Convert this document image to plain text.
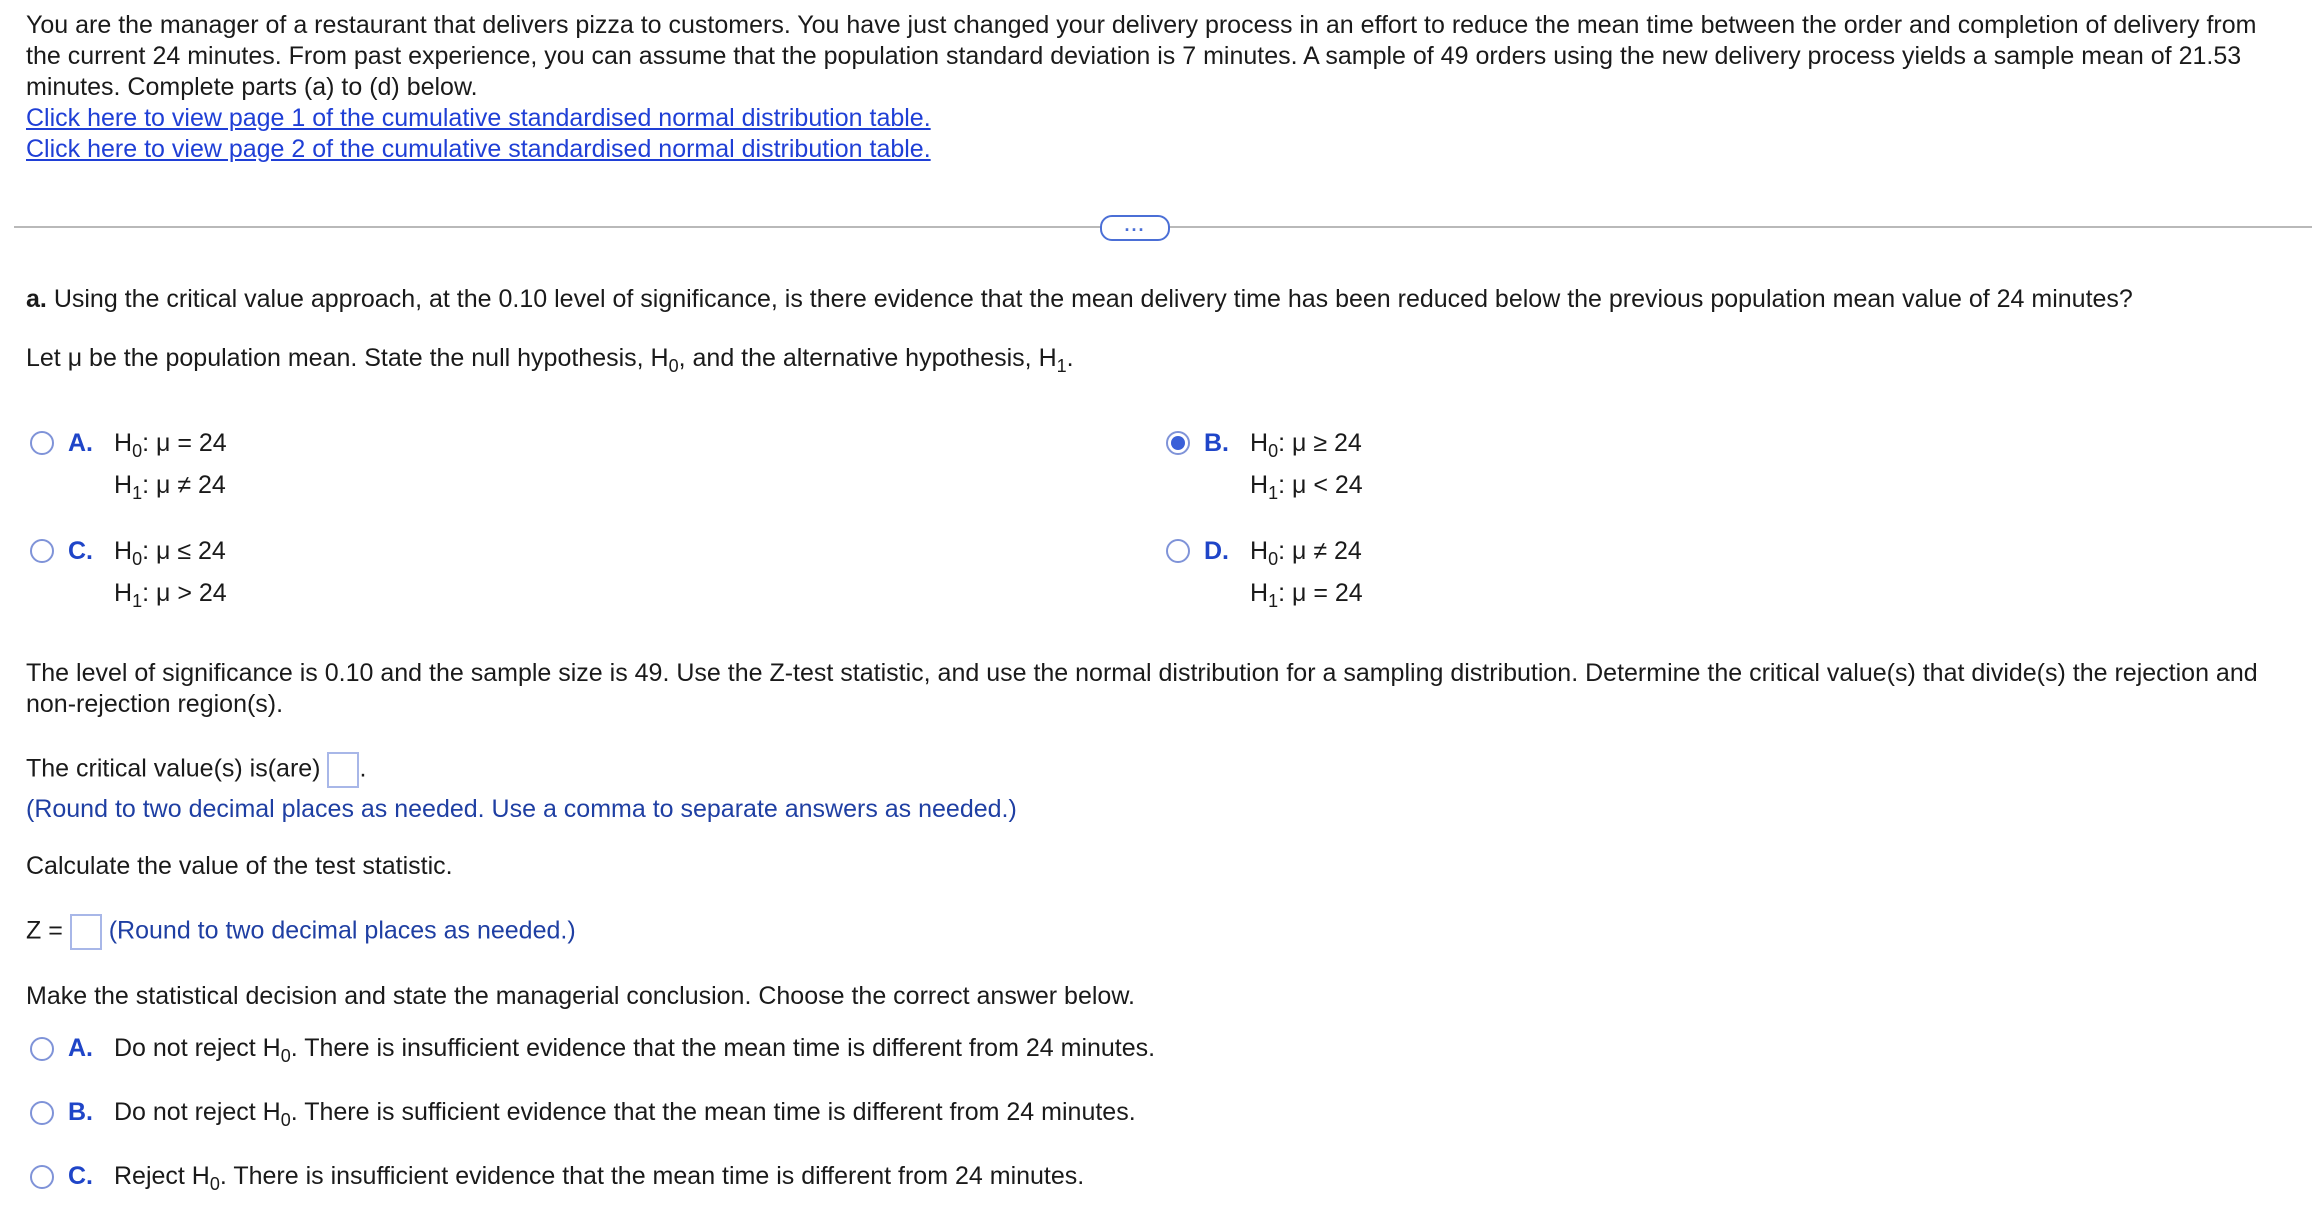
You are the manager of a restaurant that delivers pizza to customers. You have just changed your delivery process in an effort to reduce the mean time between the order and completion of delivery from the current 24 minutes. From past experience, you can assume that the population standard deviation is 7 minutes. A sample of 49 orders using the new delivery process yields a sample mean of 21.53 minutes. Complete parts (a) to (d) below.
Click here to view page 1 of the cumulative standardised normal distribution table.
Click here to view page 2 of the cumulative standardised normal distribution table.
...
a. Using the critical value approach, at the 0.10 level of significance, is there evidence that the mean delivery time has been reduced below the previous population mean value of 24 minutes?
Let μ be the population mean. State the null hypothesis, $H_0$, and the alternative hypothesis, $H_1$.
A. $H_0$: μ = 24
$H_1$: μ ≠ 24
B. $H_0$: μ ≥ 24
$H_1$: μ < 24
C. $H_0$: μ ≤ 24
$H_1$: μ > 24
D. $H_0$: μ ≠ 24
$H_1$: μ = 24
The level of significance is 0.10 and the sample size is 49. Use the Z-test statistic, and use the normal distribution for a sampling distribution. Determine the critical value(s) that divide(s) the rejection and non-rejection region(s).
The critical value(s) is(are) .
(Round to two decimal places as needed. Use a comma to separate answers as needed.)
Calculate the value of the test statistic.
Z = (Round to two decimal places as needed.)
Make the statistical decision and state the managerial conclusion. Choose the correct answer below.
A. Do not reject $H_0$. There is insufficient evidence that the mean time is different from 24 minutes.
B. Do not reject $H_0$. There is sufficient evidence that the mean time is different from 24 minutes.
C. Reject $H_0$. There is insufficient evidence that the mean time is different from 24 minutes.
